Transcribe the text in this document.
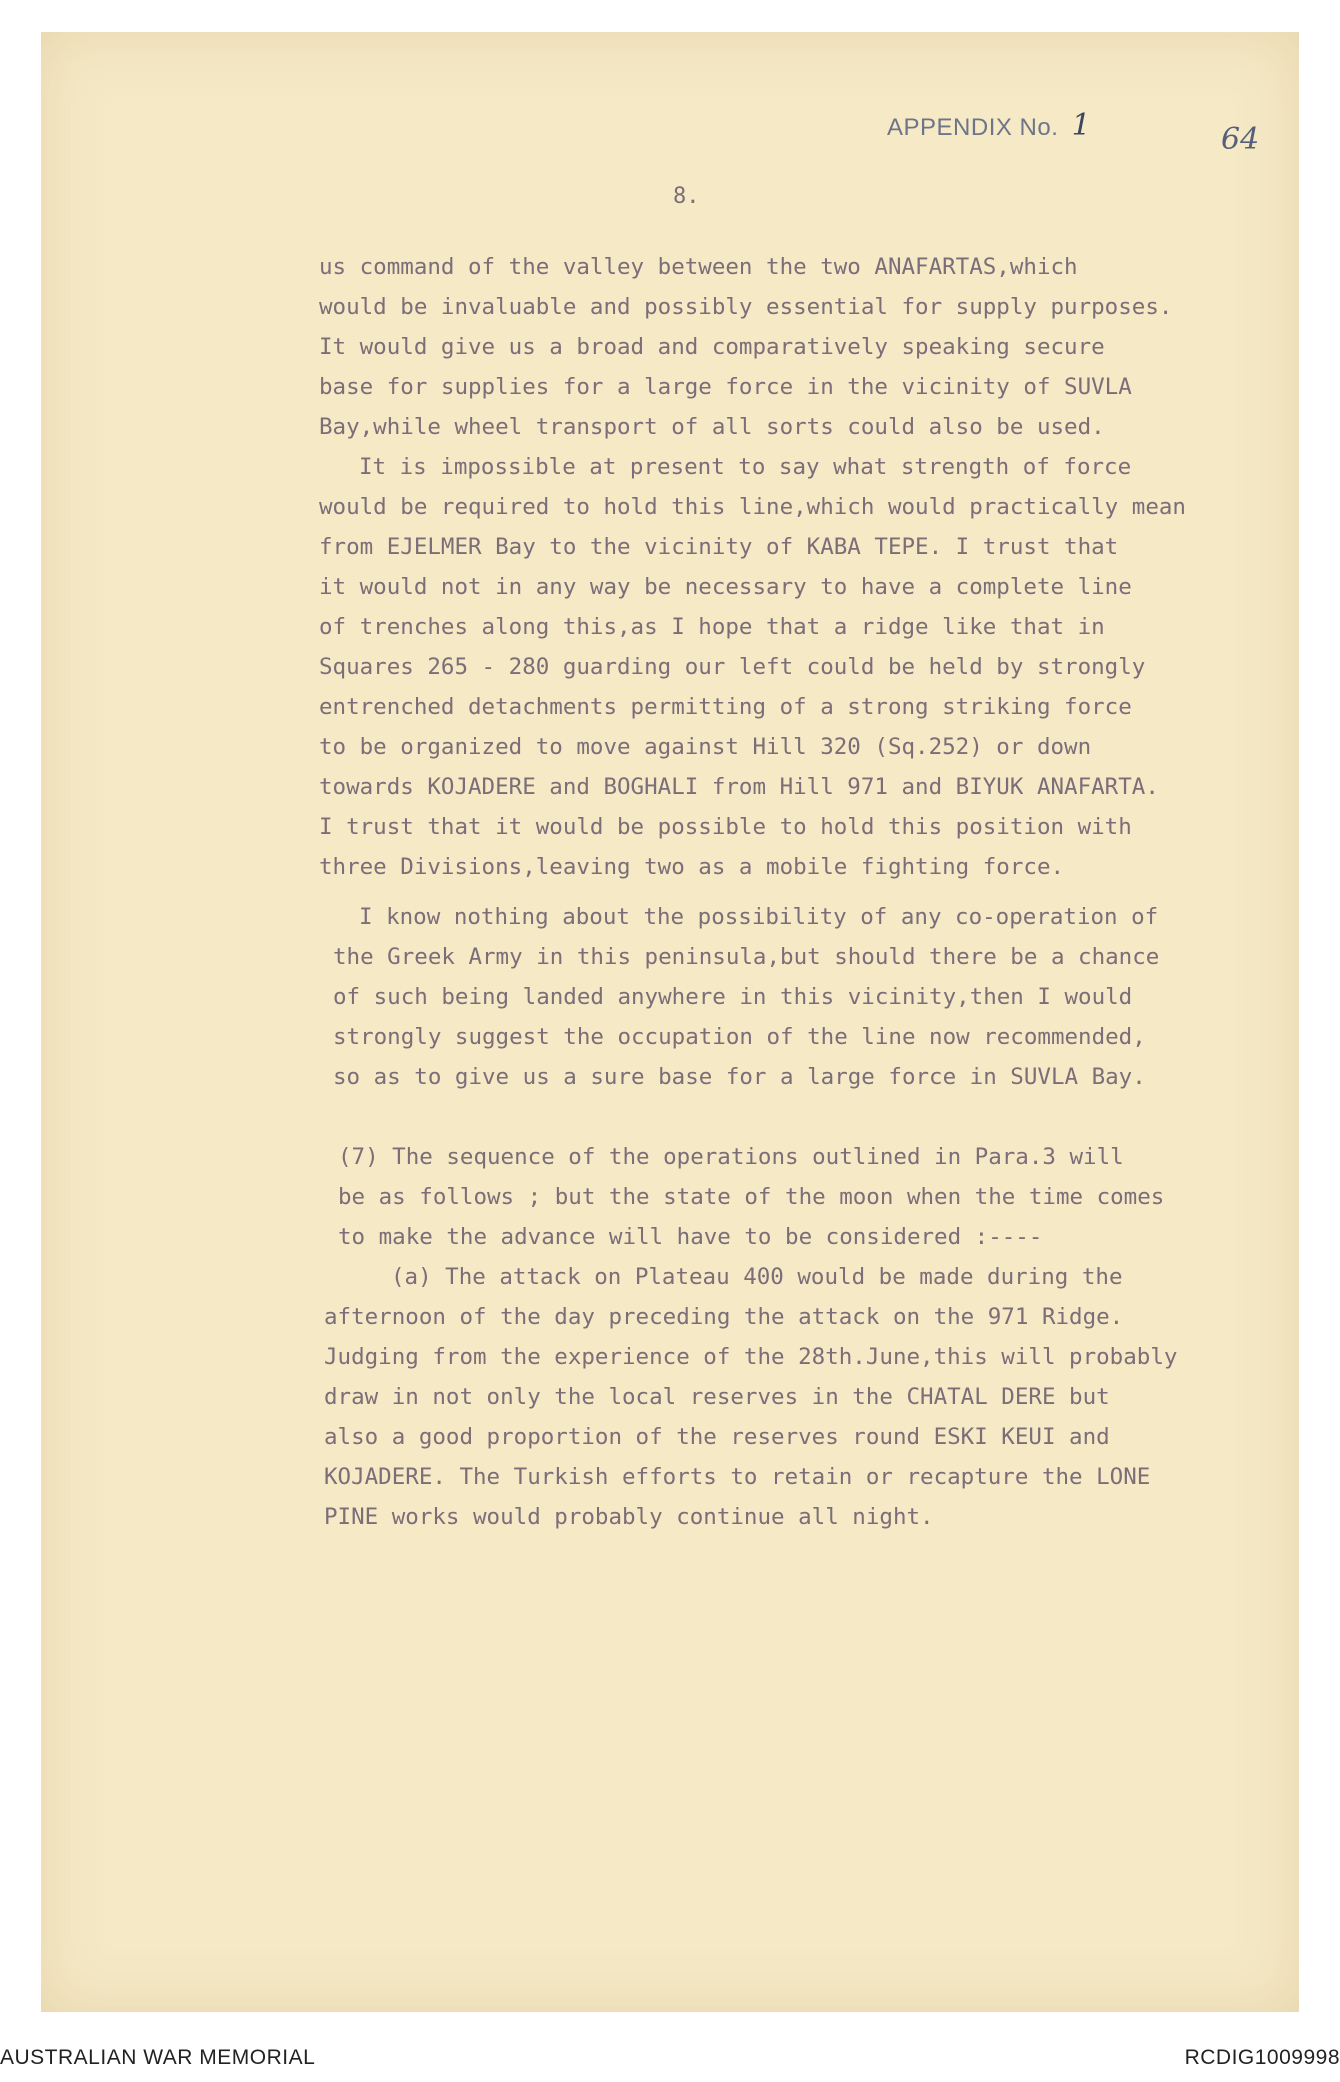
APPENDIX No. 1	64
8.
us command of the valley between the two ANAFARTAS,which
would be invaluable and possibly essential for supply purposes.
It would give us a broad and comparatively speaking secure
base for supplies for a large force in the vicinity of SUVLA
Bay,while wheel transport of all sorts could also be used.
It is impossible at present to say what strength of force
would be required to hold this line,which would practically mean
from EJELMER Bay to the vicinity of KABA TEPE. I trust that
it would not in any way be necessary to have a complete line
of trenches along this,as I hope that a ridge like that in
Squares 265 - 280 guarding our left could be held by strongly
entrenched detachments permitting of a strong striking force
to be organized to move against Hill 320 (Sq.252) or down
towards KOJADERE and BOGHALI from Hill 971 and BIYUK ANAFARTA.
I trust that it would be possible to hold this position with
three Divisions,leaving two as a mobile fighting force.
I know nothing about the possibility of any co-operation of
the Greek Army in this peninsula,but should there be a chance
of such being landed anywhere in this vicinity,then I would
strongly suggest the occupation of the line now recommended,
so as to give us a sure base for a large force in SUVLA Bay.
(7) The sequence of the operations outlined in Para.3 will
be as follows ; but the state of the moon when the time comes
to make the advance will have to be considered :----
(a) The attack on Plateau 400 would be made during the
afternoon of the day preceding the attack on the 971 Ridge.
Judging from the experience of the 28th.June,this will probably
draw in not only the local reserves in the CHATAL DERE but
also a good proportion of the reserves round ESKI KEUI and
KOJADERE. The Turkish efforts to retain or recapture the LONE
PINE works would probably continue all night.
AUSTRALIAN WAR MEMORIAL	RCDIG1009998
